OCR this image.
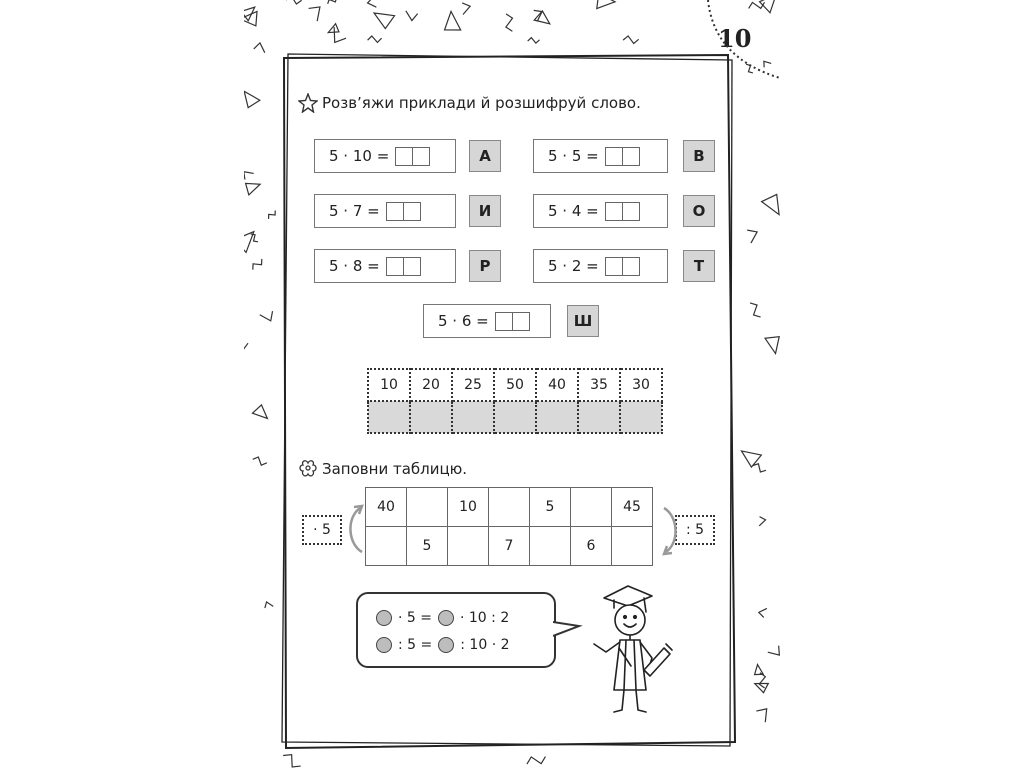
10
Розв’яжи приклади й розшифруй слово.
5 · 10 =	А
5 · 7 =	И
5 · 8 =	Р
5 · 5 =	В
5 · 4 =	О
5 · 2 =	Т
5 · 6 =	Ш
10	20	25	50	40	35	30

Заповни таблицю.
40		10		5		45
	5		7		6	
· 5	: 5
· 5 = · 10 : 2
: 5 = : 10 · 2
